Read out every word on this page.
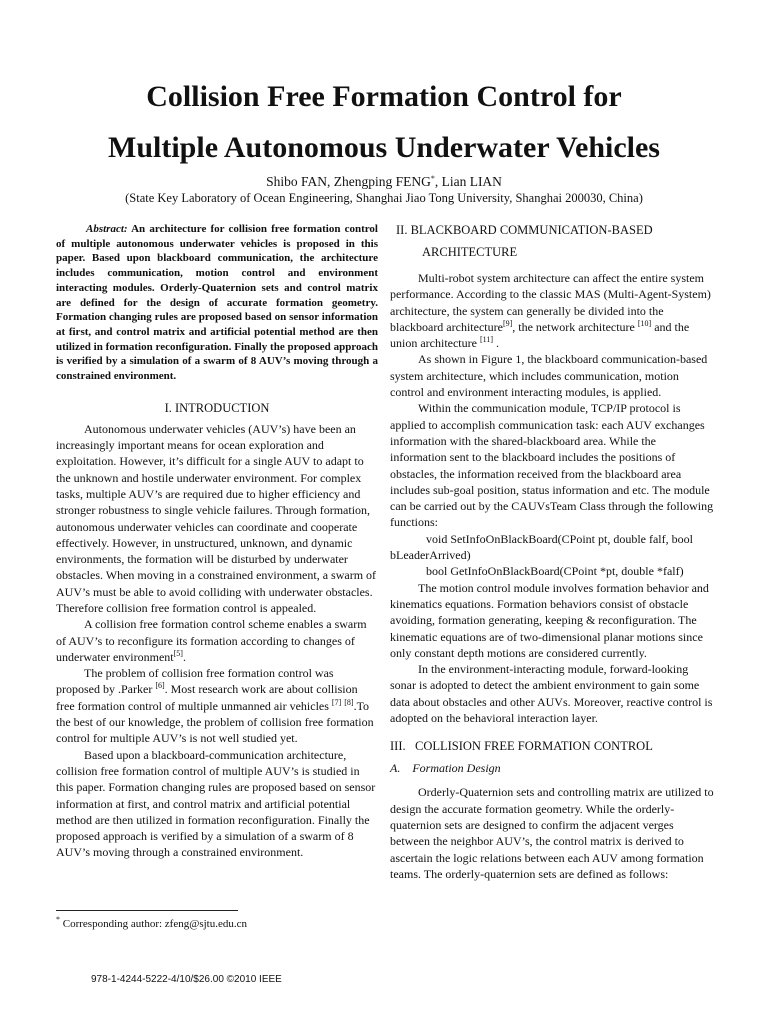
Collision Free Formation Control for
Multiple Autonomous Underwater Vehicles
Shibo FAN, Zhengping FENG*, Lian LIAN
(State Key Laboratory of Ocean Engineering, Shanghai Jiao Tong University, Shanghai 200030, China)

Abstract: An architecture for collision free formation control of multiple autonomous underwater vehicles is proposed in this paper. Based upon blackboard communication, the architecture includes communication, motion control and environment interacting modules. Orderly-Quaternion sets and control matrix are defined for the design of accurate formation geometry. Formation changing rules are proposed based on sensor information at first, and control matrix and artificial potential method are then utilized in formation reconfiguration. Finally the proposed approach is verified by a simulation of a swarm of 8 AUV’s moving through a constrained environment.

I. INTRODUCTION

Autonomous underwater vehicles (AUV’s) have been an increasingly important means for ocean exploration and exploitation. However, it’s difficult for a single AUV to adapt to the unknown and hostile underwater environment. For complex tasks, multiple AUV’s are required due to higher efficiency and stronger robustness to single vehicle failures. Through formation, autonomous underwater vehicles can coordinate and cooperate effectively. However, in unstructured, unknown, and dynamic environments, the formation will be disturbed by underwater obstacles. When moving in a constrained environment, a swarm of AUV’s must be able to avoid colliding with underwater obstacles. Therefore collision free formation control is appealed.

A collision free formation control scheme enables a swarm of AUV’s to reconfigure its formation according to changes of underwater environment[5].

The problem of collision free formation control was proposed by .Parker [6]. Most research work are about collision free formation control of multiple unmanned air vehicles [7] [8].To the best of our knowledge, the problem of collision free formation control for multiple AUV’s is not well studied yet.

Based upon a blackboard-communication architecture, collision free formation control of multiple AUV’s is studied in this paper. Formation changing rules are proposed based on sensor information at first, and control matrix and artificial potential method are then utilized in formation reconfiguration. Finally the proposed approach is verified by a simulation of a swarm of 8 AUV’s moving through a constrained environment.

II. BLACKBOARD COMMUNICATION-BASED

ARCHITECTURE

Multi-robot system architecture can affect the entire system performance. According to the classic MAS (Multi-Agent-System) architecture, the system can generally be divided into the blackboard architecture[9], the network architecture [10] and the union architecture [11] .

As shown in Figure 1, the blackboard communication-based system architecture, which includes communication, motion control and environment interacting modules, is applied.

Within the communication module, TCP/IP protocol is applied to accomplish communication task: each AUV exchanges information with the shared-blackboard area. While the information sent to the blackboard includes the positions of obstacles, the information received from the blackboard area includes sub-goal position, status information and etc. The module can be carried out by the CAUVsTeam Class through the following functions:

void SetInfoOnBlackBoard(CPoint pt, double falf, bool bLeaderArrived)

bool GetInfoOnBlackBoard(CPoint *pt, double *falf)

The motion control module involves formation behavior and kinematics equations. Formation behaviors consist of obstacle avoiding, formation generating, keeping & reconfiguration. The kinematic equations are of two-dimensional planar motions since only constant depth motions are considered currently.

In the environment-interacting module, forward-looking sonar is adopted to detect the ambient environment to gain some data about obstacles and other AUVs. Moreover, reactive control is adopted on the behavioral interaction layer.

III.   COLLISION FREE FORMATION CONTROL

A.    Formation Design

Orderly-Quaternion sets and controlling matrix are utilized to design the accurate formation geometry. While the orderly-quaternion sets are designed to confirm the adjacent verges between the neighbor AUV’s, the control matrix is derived to ascertain the logic relations between each AUV among formation teams. The orderly-quaternion sets are defined as follows:

* Corresponding author: zfeng@sjtu.edu.cn
978-1-4244-5222-4/10/$26.00 ©2010 IEEE
